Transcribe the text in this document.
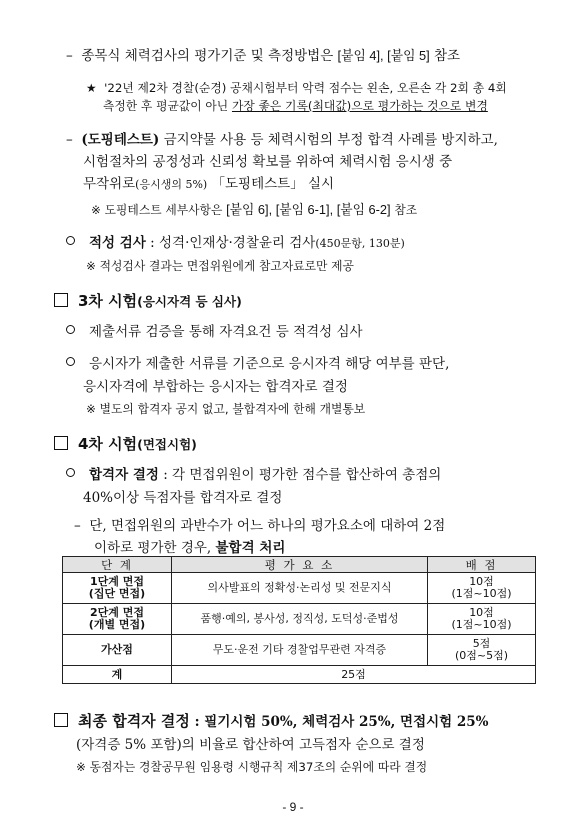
– 종목식 체력검사의 평가기준 및 측정방법은 [붙임 4], [붙임 5] 참조
★ '22년 제2차 경찰(순경) 공채시험부터 악력 점수는 왼손, 오른손 각 2회 총 4회
측정한 후 평균값이 아닌 가장 좋은 기록(최대값)으로 평가하는 것으로 변경
– (도핑테스트) 금지약물 사용 등 체력시험의 부정 합격 사례를 방지하고,
시험절차의 공정성과 신뢰성 확보를 위하여 체력시험 응시생 중
무작위로(응시생의 5%) 「도핑테스트」 실시
※ 도핑테스트 세부사항은 [붙임 6], [붙임 6-1], [붙임 6-2] 참조
적성 검사 : 성격·인재상·경찰윤리 검사(450문항, 130분)
※ 적성검사 결과는 면접위원에게 참고자료로만 제공
3차 시험(응시자격 등 심사)
제출서류 검증을 통해 자격요건 등 적격성 심사
응시자가 제출한 서류를 기준으로 응시자격 해당 여부를 판단,
응시자격에 부합하는 응시자는 합격자로 결정
※ 별도의 합격자 공지 없고, 불합격자에 한해 개별통보
4차 시험(면접시험)
합격자 결정 : 각 면접위원이 평가한 점수를 합산하여 총점의
40%이상 득점자를 합격자로 결정
– 단, 면접위원의 과반수가 어느 하나의 평가요소에 대하여 2점
이하로 평가한 경우, 불합격 처리
단 계	평 가 요 소	배 점

1단계 면접
(집단 면접)	의사발표의 정확성·논리성 및 전문지식	10점
(1점~10점)

2단계 면접
(개별 면접)	품행·예의, 봉사성, 정직성, 도덕성·준법성	10점
(1점~10점)

가산점	무도·운전 기타 경찰업무관련 자격증	5점
(0점~5점)

계	25점	
최종 합격자 결정 : 필기시험 50%, 체력검사 25%, 면접시험 25%
(자격증 5% 포함)의 비율로 합산하여 고득점자 순으로 결정
※ 동점자는 경찰공무원 임용령 시행규칙 제37조의 순위에 따라 결정
- 9 -
